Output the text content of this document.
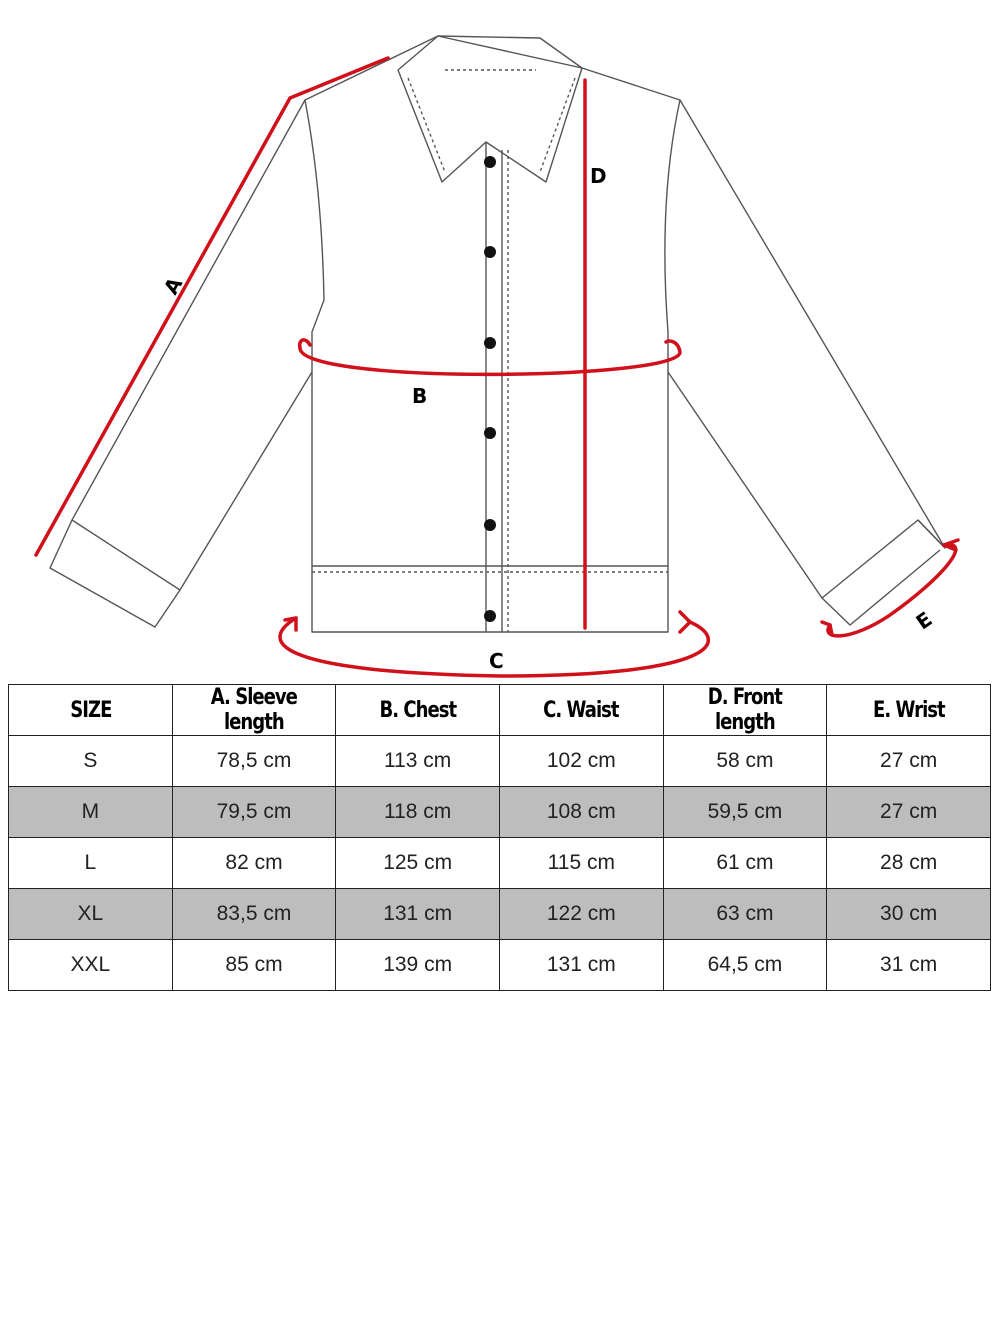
A
B
C
D
E
SIZE	A. Sleeve length	B. Chest	C. Waist	D. Front length	E. Wrist
S	78,5 cm	113 cm	102 cm	58 cm	27 cm
M	79,5 cm	118 cm	108 cm	59,5 cm	27 cm
L	82 cm	125 cm	115 cm	61 cm	28 cm
XL	83,5 cm	131 cm	122 cm	63 cm	30 cm
XXL	85 cm	139 cm	131 cm	64,5 cm	31 cm
